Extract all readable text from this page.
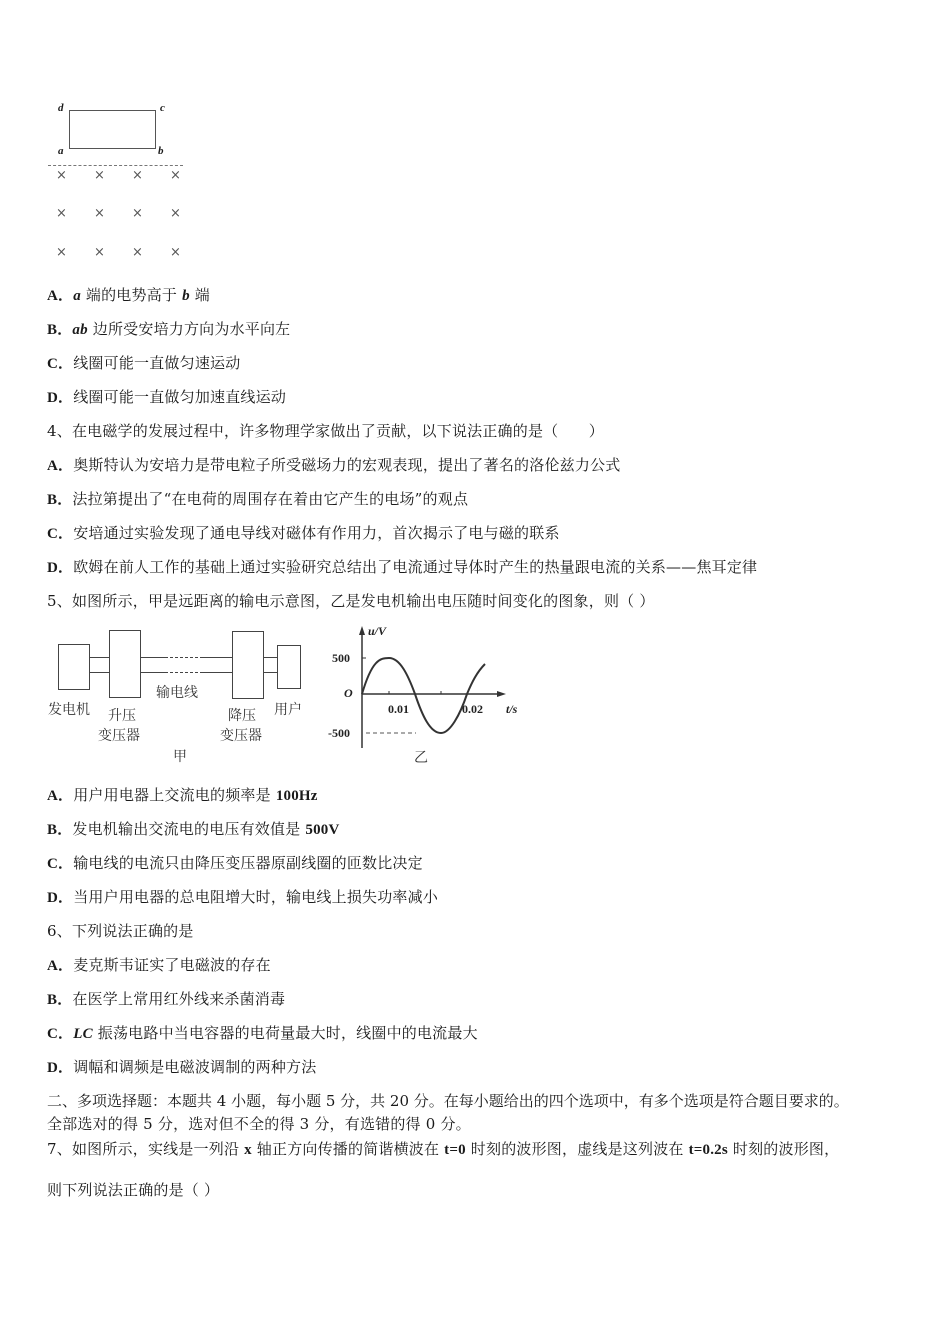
d	c
a	b
× × × ×
× × × ×
× × × ×
A．a 端的电势高于 b 端
B．ab 边所受安培力方向为水平向左
C．线圈可能一直做匀速运动
D．线圈可能一直做匀加速直线运动
4、在电磁学的发展过程中，许多物理学家做出了贡献，以下说法正确的是（　　）
A．奥斯特认为安培力是带电粒子所受磁场力的宏观表现，提出了著名的洛伦兹力公式
B．法拉第提出了“在电荷的周围存在着由它产生的电场”的观点
C．安培通过实验发现了通电导线对磁体有作用力，首次揭示了电与磁的联系
D．欧姆在前人工作的基础上通过实验研究总结出了电流通过导体时产生的热量跟电流的关系——焦耳定律
5、如图所示，甲是远距离的输电示意图，乙是发电机输出电压随时间变化的图象，则（ ）
发电机 升压
变压器
输电线
降压
变压器
用户
甲
u/V
500
O
0.01	0.02 t/s
-500
乙
A．用户用电器上交流电的频率是 100Hz
B．发电机输出交流电的电压有效值是 500V
C．输电线的电流只由降压变压器原副线圈的匝数比决定
D．当用户用电器的总电阻增大时，输电线上损失功率减小
6、下列说法正确的是
A．麦克斯韦证实了电磁波的存在
B．在医学上常用红外线来杀菌消毒
C．LC 振荡电路中当电容器的电荷量最大时，线圈中的电流最大
D．调幅和调频是电磁波调制的两种方法
二、多项选择题：本题共 4 小题，每小题 5 分，共 20 分。在每小题给出的四个选项中，有多个选项是符合题目要求的。
全部选对的得 5 分，选对但不全的得 3 分，有选错的得 0 分。
7、如图所示，实线是一列沿 x 轴正方向传播的简谐横波在 t=0 时刻的波形图，虚线是这列波在 t=0.2s 时刻的波形图，
则下列说法正确的是（ ）
